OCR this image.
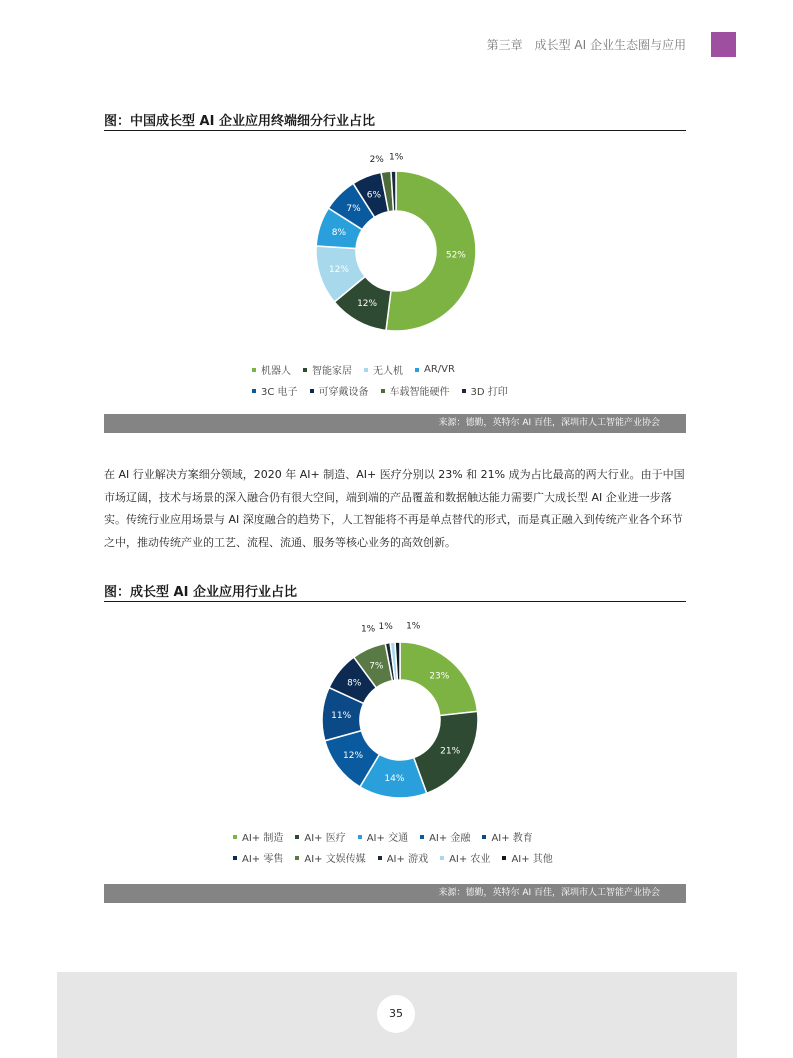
第三章　成长型 AI 企业生态圈与应用
图：中国成长型 AI 企业应用终端细分行业占比
52%
12%
12%
8%
7%
6%
2% 1%
机器人 智能家居 无人机 AR/VR
3C 电子 可穿戴设备 车载智能硬件 3D 打印
来源：德勤，英特尔 AI 百佳，深圳市人工智能产业协会

在 AI 行业解决方案细分领域，2020 年 AI+ 制造、AI+ 医疗分别以 23% 和 21% 成为占比最高的两大行业。由于中国市场辽阔，技术与场景的深入融合仍有很大空间，端到端的产品覆盖和数据触达能力需要广大成长型 AI 企业进一步落实。传统行业应用场景与 AI 深度融合的趋势下，人工智能将不再是单点替代的形式，而是真正融入到传统产业各个环节之中，推动传统产业的工艺、流程、流通、服务等核心业务的高效创新。

图：成长型 AI 企业应用行业占比
23%
21%
14%
12%
11%
8%
7%
1% 1% 1%
AI+ 制造 AI+ 医疗 AI+ 交通 AI+ 金融 AI+ 教育
AI+ 零售 AI+ 文娱传媒 AI+ 游戏 AI+ 农业 AI+ 其他
来源：德勤，英特尔 AI 百佳，深圳市人工智能产业协会
35
